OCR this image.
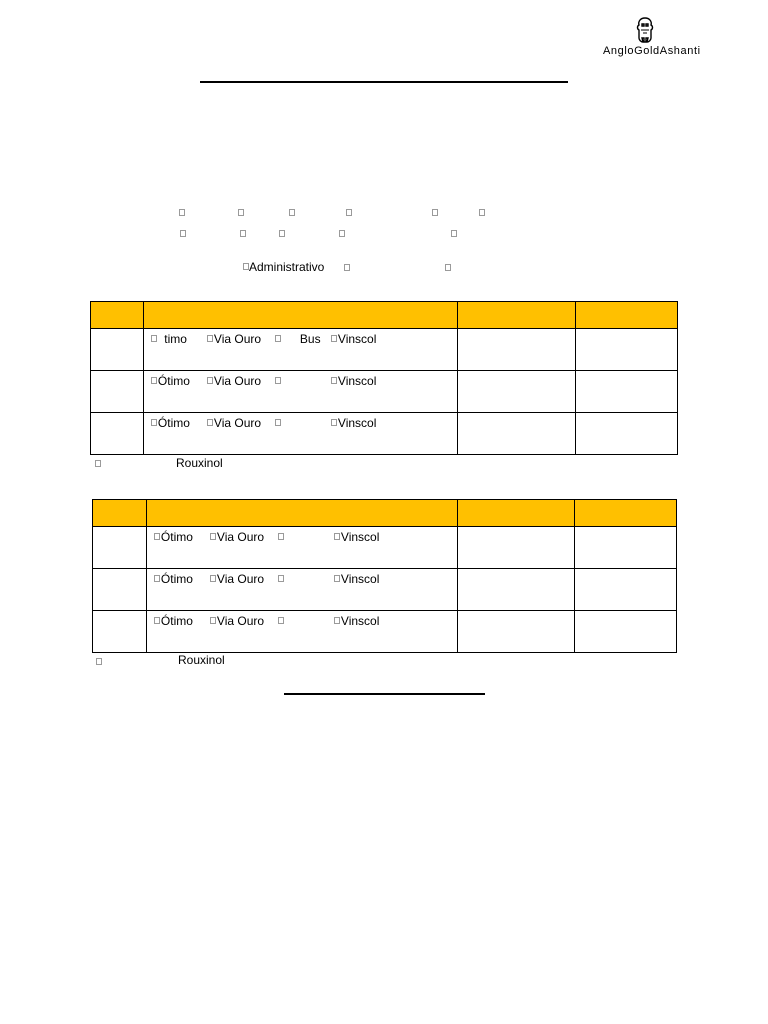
AngloGoldAshanti
Administrativo

	timo Via Ouro Bus Vinscol		

	Ótimo Via Ouro Vinscol		

	Ótimo Via Ouro Vinscol		

Rouxinol

	Ótimo Via Ouro Vinscol		

	Ótimo Via Ouro Vinscol		

	Ótimo Via Ouro Vinscol		

Rouxinol
